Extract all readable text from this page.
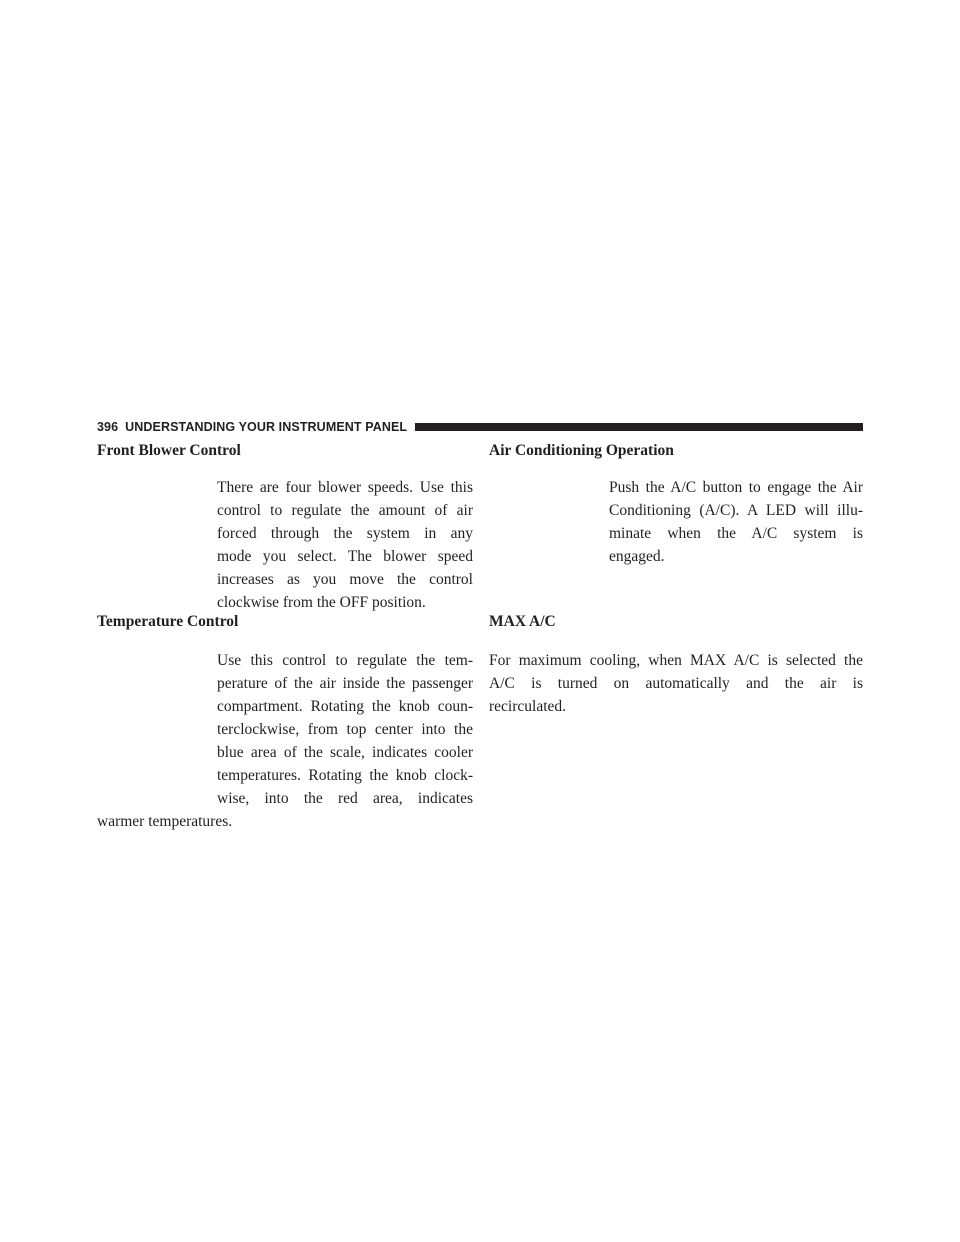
396 UNDERSTANDING YOUR INSTRUMENT PANEL
Front Blower Control
There are four blower speeds. Use this
control to regulate the amount of air
forced through the system in any
mode you select. The blower speed
increases as you move the control
clockwise from the OFF position.
Temperature Control
Use this control to regulate the tem-
perature of the air inside the passenger
compartment. Rotating the knob coun-
terclockwise, from top center into the
blue area of the scale, indicates cooler
temperatures. Rotating the knob clock-
wise, into the red area, indicates
warmer temperatures.
Air Conditioning Operation
Push the A/C button to engage the Air
Conditioning (A/C). A LED will illu-
minate when the A/C system is
engaged.
MAX A/C
For maximum cooling, when MAX A/C is selected the
A/C is turned on automatically and the air is
recirculated.
